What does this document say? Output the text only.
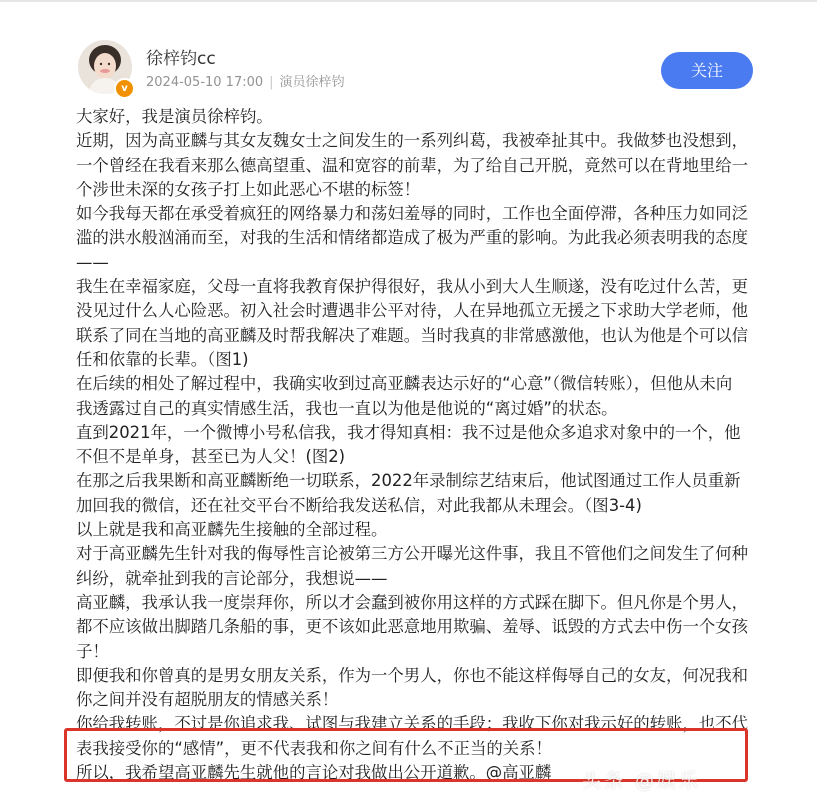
v
徐梓钧cc
2024-05-10 17:00 | 演员徐梓钧
关注

大家好，我是演员徐梓钧。

近期，因为高亚麟与其女友魏女士之间发生的一系列纠葛，我被牵扯其中。我做梦也没想到，一个曾经在我看来那么德高望重、温和宽容的前辈，为了给自己开脱，竟然可以在背地里给一个涉世未深的女孩子打上如此恶心不堪的标签！

如今我每天都在承受着疯狂的网络暴力和荡妇羞辱的同时，工作也全面停滞，各种压力如同泛滥的洪水般汹涌而至，对我的生活和情绪都造成了极为严重的影响。为此我必须表明我的态度——

我生在幸福家庭，父母一直将我教育保护得很好，我从小到大人生顺遂，没有吃过什么苦，更没见过什么人心险恶。初入社会时遭遇非公平对待，人在异地孤立无援之下求助大学老师，他联系了同在当地的高亚麟及时帮我解决了难题。当时我真的非常感激他，也认为他是个可以信任和依靠的长辈。（图1)

在后续的相处了解过程中，我确实收到过高亚麟表达示好的“心意”（微信转账），但他从未向我透露过自己的真实情感生活，我也一直以为他是他说的“离过婚”的状态。

直到2021年，一个微博小号私信我，我才得知真相：我不过是他众多追求对象中的一个，他不但不是单身，甚至已为人父！(图2)

在那之后我果断和高亚麟断绝一切联系，2022年录制综艺结束后，他试图通过工作人员重新加回我的微信，还在社交平台不断给我发送私信，对此我都从未理会。（图3-4)

以上就是我和高亚麟先生接触的全部过程。

对于高亚麟先生针对我的侮辱性言论被第三方公开曝光这件事，我且不管他们之间发生了何种纠纷，就牵扯到我的言论部分，我想说——

高亚麟，我承认我一度崇拜你，所以才会蠢到被你用这样的方式踩在脚下。但凡你是个男人，都不应该做出脚踏几条船的事，更不该如此恶意地用欺骗、羞辱、诋毁的方式去中伤一个女孩子！

即便我和你曾真的是男女朋友关系，作为一个男人，你也不能这样侮辱自己的女友，何况我和你之间并没有超脱朋友的情感关系！

你给我转账，不过是你追求我、试图与我建立关系的手段；我收下你对我示好的转账，也不代表我接受你的“感情”，更不代表我和你之间有什么不正当的关系！

所以，我希望高亚麟先生就他的言论对我做出公开道歉。@高亚麟	头条 @娱乐
